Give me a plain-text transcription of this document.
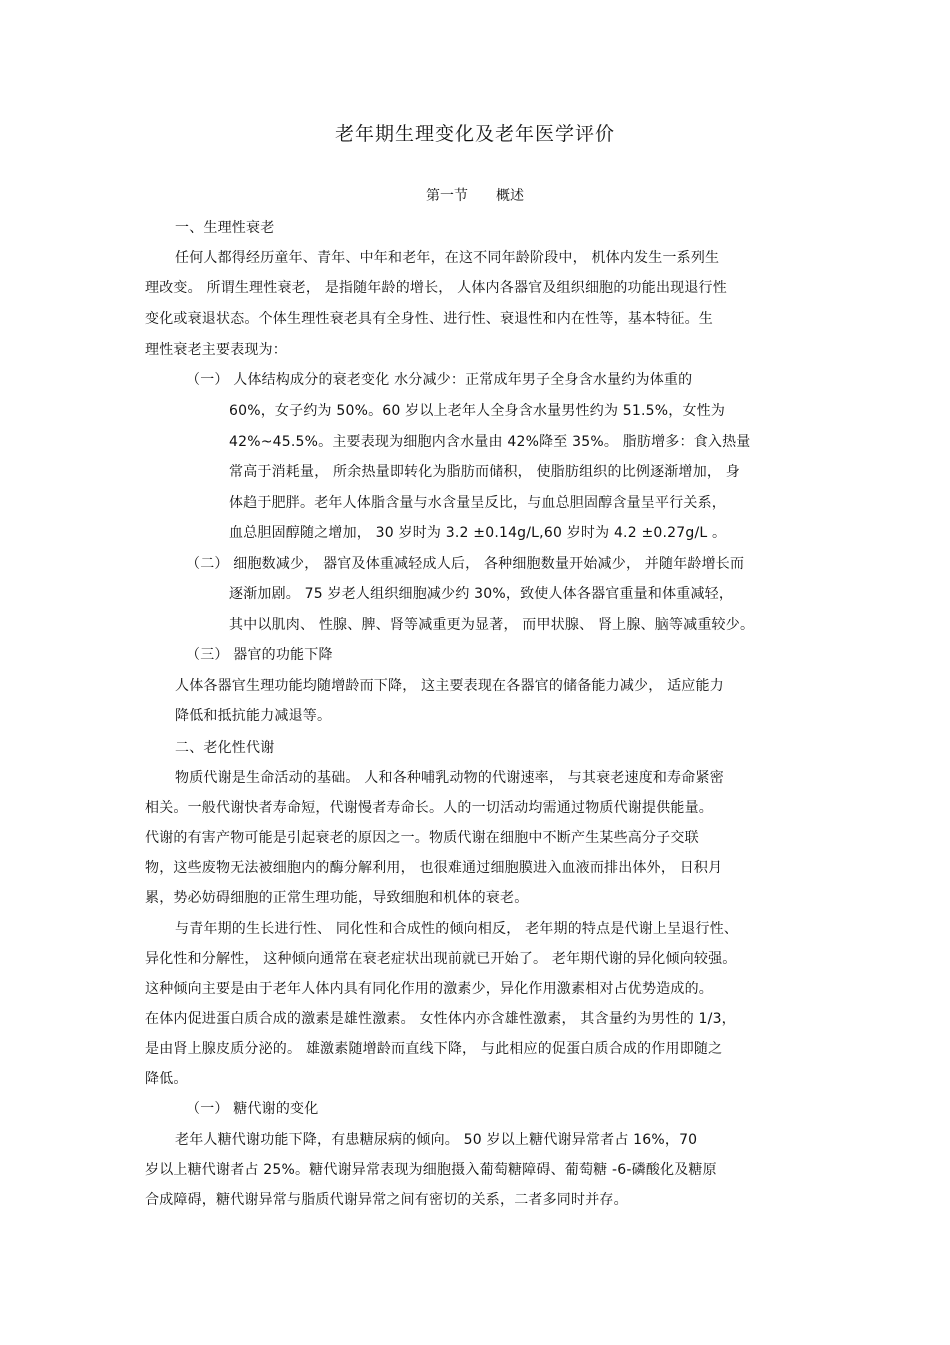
老年期生理变化及老年医学评价
第一节 概述
一、生理性衰老
任何人都得经历童年、青年、中年和老年，在这不同年龄阶段中， 机体内发生一系列生
理改变。 所谓生理性衰老， 是指随年龄的增长， 人体内各器官及组织细胞的功能出现退行性
变化或衰退状态。个体生理性衰老具有全身性、进行性、衰退性和内在性等，基本特征。生
理性衰老主要表现为：
（一） 人体结构成分的衰老变化 水分减少：正常成年男子全身含水量约为体重的
60%，女子约为 50%。60 岁以上老年人全身含水量男性约为 51.5%，女性为
42%~45.5%。主要表现为细胞内含水量由 42%降至 35%。 脂肪增多：食入热量
常高于消耗量， 所余热量即转化为脂肪而储积， 使脂肪组织的比例逐渐增加， 身
体趋于肥胖。老年人体脂含量与水含量呈反比，与血总胆固醇含量呈平行关系，
血总胆固醇随之增加， 30 岁时为 3.2 ±0.14g/L,60 岁时为 4.2 ±0.27g/L 。
（二） 细胞数减少， 器官及体重减轻成人后， 各种细胞数量开始减少， 并随年龄增长而
逐渐加剧。 75 岁老人组织细胞减少约 30%，致使人体各器官重量和体重减轻，
其中以肌肉、 性腺、脾、肾等减重更为显著， 而甲状腺、 肾上腺、脑等减重较少。
（三） 器官的功能下降
人体各器官生理功能均随增龄而下降， 这主要表现在各器官的储备能力减少， 适应能力
降低和抵抗能力减退等。
二、老化性代谢
物质代谢是生命活动的基础。 人和各种哺乳动物的代谢速率， 与其衰老速度和寿命紧密
相关。一般代谢快者寿命短，代谢慢者寿命长。人的一切活动均需通过物质代谢提供能量。
代谢的有害产物可能是引起衰老的原因之一。物质代谢在细胞中不断产生某些高分子交联
物，这些废物无法被细胞内的酶分解利用， 也很难通过细胞膜进入血液而排出体外， 日积月
累，势必妨碍细胞的正常生理功能，导致细胞和机体的衰老。
与青年期的生长进行性、 同化性和合成性的倾向相反， 老年期的特点是代谢上呈退行性、
异化性和分解性， 这种倾向通常在衰老症状出现前就已开始了。 老年期代谢的异化倾向较强。
这种倾向主要是由于老年人体内具有同化作用的激素少，异化作用激素相对占优势造成的。
在体内促进蛋白质合成的激素是雄性激素。 女性体内亦含雄性激素， 其含量约为男性的 1/3，
是由肾上腺皮质分泌的。 雄激素随增龄而直线下降， 与此相应的促蛋白质合成的作用即随之
降低。
（一） 糖代谢的变化
老年人糖代谢功能下降，有患糖尿病的倾向。 50 岁以上糖代谢异常者占 16%，70
岁以上糖代谢者占 25%。糖代谢异常表现为细胞摄入葡萄糖障碍、葡萄糖 -6-磷酸化及糖原
合成障碍，糖代谢异常与脂质代谢异常之间有密切的关系，二者多同时并存。
